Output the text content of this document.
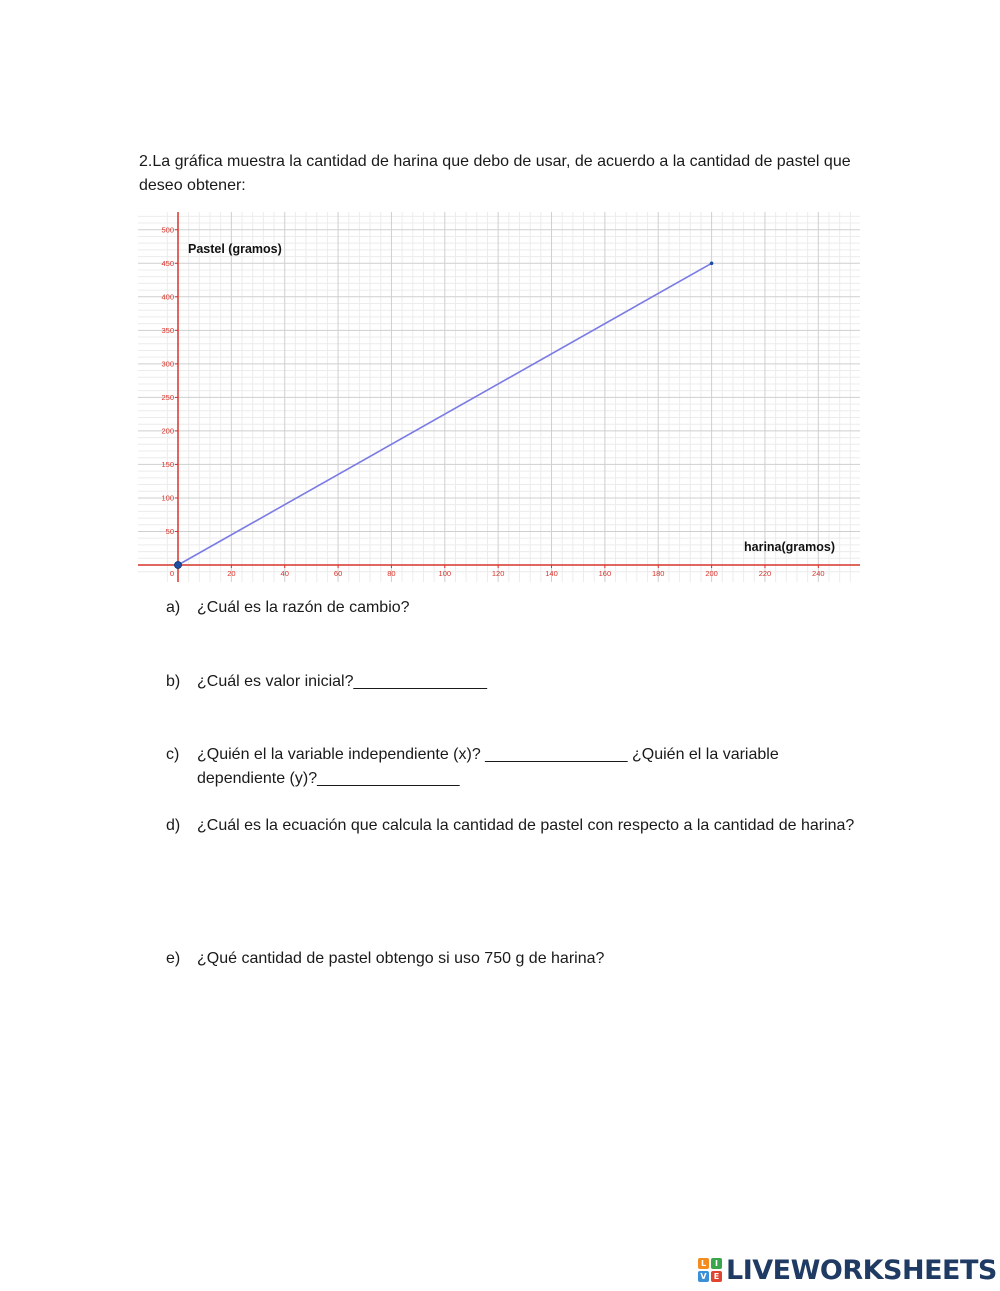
2.La gráfica muestra la cantidad de harina que debo de usar, de acuerdo a la cantidad de pastel que deseo obtener:
0	20	40	60	80	100	120	140	160	180	200	220	240
50
100
150
200
250
300
350
400
450
500
Pastel (gramos)
harina(gramos)
a)	¿Cuál es la razón de cambio?
b)	¿Cuál es valor inicial?_______________
c)	¿Quién el la variable independiente (x)? ________________ ¿Quién el la variable dependiente (y)?________________
d)	¿Cuál es la ecuación que calcula la cantidad de pastel con respecto a la cantidad de harina?
e)	¿Qué cantidad de pastel obtengo si uso 750 g de harina?
L	I
V E LIVEWORKSHEETS
